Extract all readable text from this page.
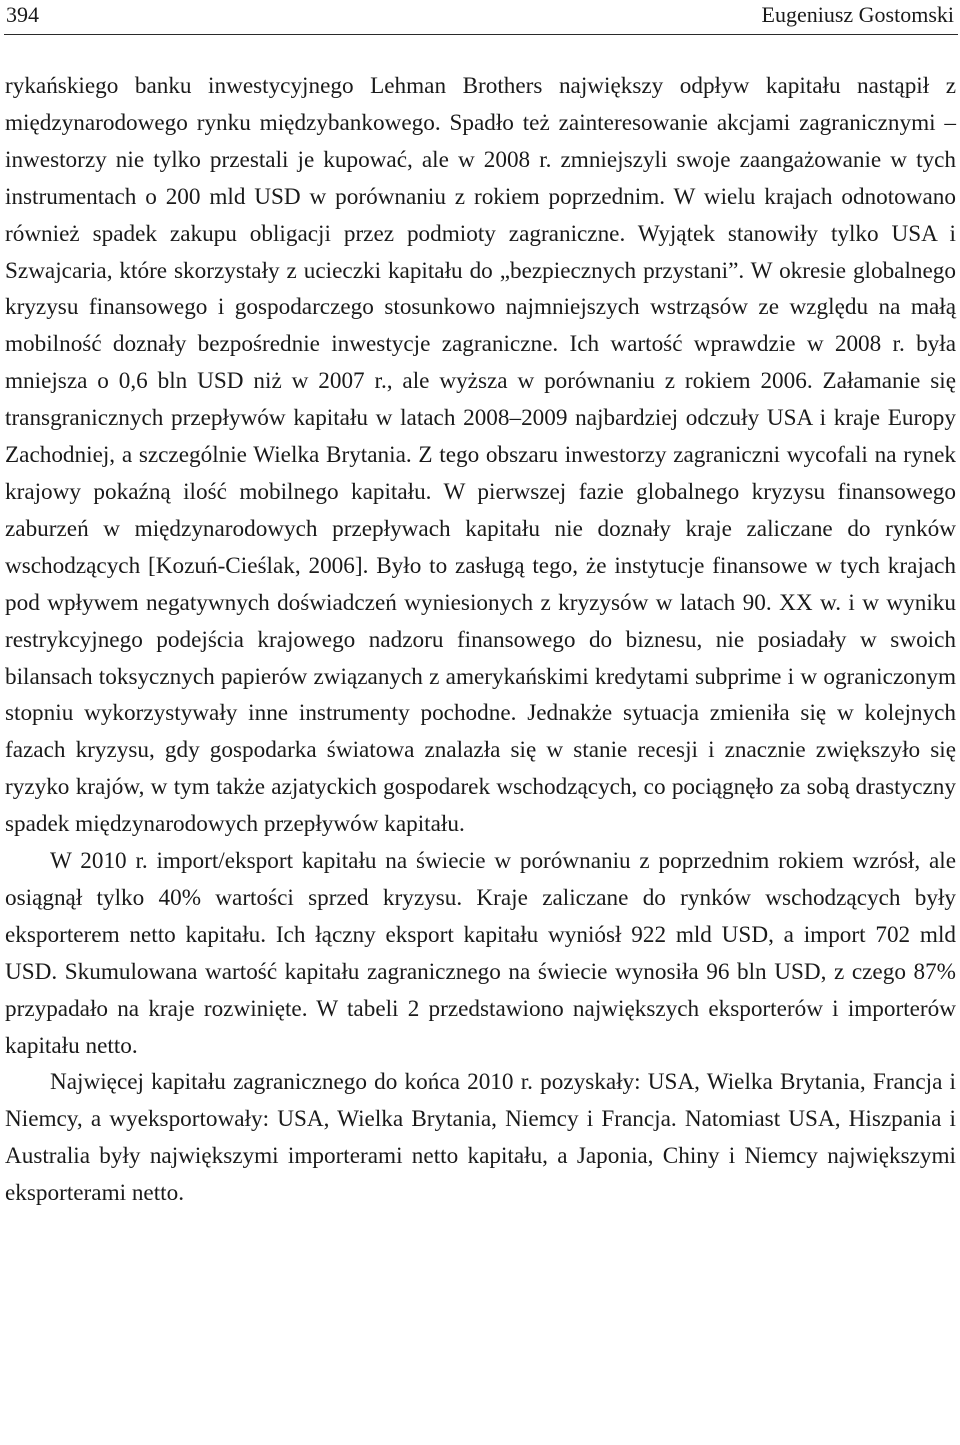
394	Eugeniusz Gostomski

rykańskiego banku inwestycyjnego Lehman Brothers największy odpływ kapitału nastąpił z międzynarodowego rynku międzybankowego. Spadło też zainteresowanie akcjami zagranicznymi – inwestorzy nie tylko przestali je kupować, ale w 2008 r. zmniejszyli swoje zaangażowanie w tych instrumentach o 200 mld USD w porównaniu z rokiem poprzednim. W wielu krajach odnotowano również spadek zakupu obligacji przez podmioty zagraniczne. Wyjątek stanowiły tylko USA i Szwajcaria, które skorzystały z ucieczki kapitału do „bezpiecznych przystani”. W okresie globalnego kryzysu finansowego i gospodarczego stosunkowo najmniejszych wstrząsów ze względu na małą mobilność doznały bezpośrednie inwestycje zagraniczne. Ich wartość wprawdzie w 2008 r. była mniejsza o 0,6 bln USD niż w 2007 r., ale wyższa w porównaniu z rokiem 2006. Załamanie się transgranicznych przepływów kapitału w latach 2008–2009 najbardziej odczuły USA i kraje Europy Zachodniej, a szczególnie Wielka Brytania. Z tego obszaru inwestorzy zagraniczni wycofali na rynek krajowy pokaźną ilość mobilnego kapitału. W pierwszej fazie globalnego kryzysu finansowego zaburzeń w międzynarodowych przepływach kapitału nie doznały kraje zaliczane do rynków wschodzących [Kozuń-Cieślak, 2006]. Było to zasługą tego, że instytucje finansowe w tych krajach pod wpływem negatywnych doświadczeń wyniesionych z kryzysów w latach 90. XX w. i w wyniku restrykcyjnego podejścia krajowego nadzoru finansowego do biznesu, nie posiadały w swoich bilansach toksycznych papierów związanych z amerykańskimi kredytami subprime i w ograniczonym stopniu wykorzystywały inne instrumenty pochodne. Jednakże sytuacja zmieniła się w kolejnych fazach kryzysu, gdy gospodarka światowa znalazła się w stanie recesji i znacznie zwiększyło się ryzyko krajów, w tym także azjatyckich gospodarek wschodzących, co pociągnęło za sobą drastyczny spadek międzynarodowych przepływów kapitału.

W 2010 r. import/eksport kapitału na świecie w porównaniu z poprzednim rokiem wzrósł, ale osiągnął tylko 40% wartości sprzed kryzysu. Kraje zaliczane do rynków wschodzących były eksporterem netto kapitału. Ich łączny eksport kapitału wyniósł 922 mld USD, a import 702 mld USD. Skumulowana wartość kapitału zagranicznego na świecie wynosiła 96 bln USD, z czego 87% przypadało na kraje rozwinięte. W tabeli 2 przedstawiono największych eksporterów i importerów kapitału netto.

Najwięcej kapitału zagranicznego do końca 2010 r. pozyskały: USA, Wielka Brytania, Francja i Niemcy, a wyeksportowały: USA, Wielka Brytania, Niemcy i Francja. Natomiast USA, Hiszpania i Australia były największymi importerami netto kapitału, a Japonia, Chiny i Niemcy największymi eksporterami netto.
